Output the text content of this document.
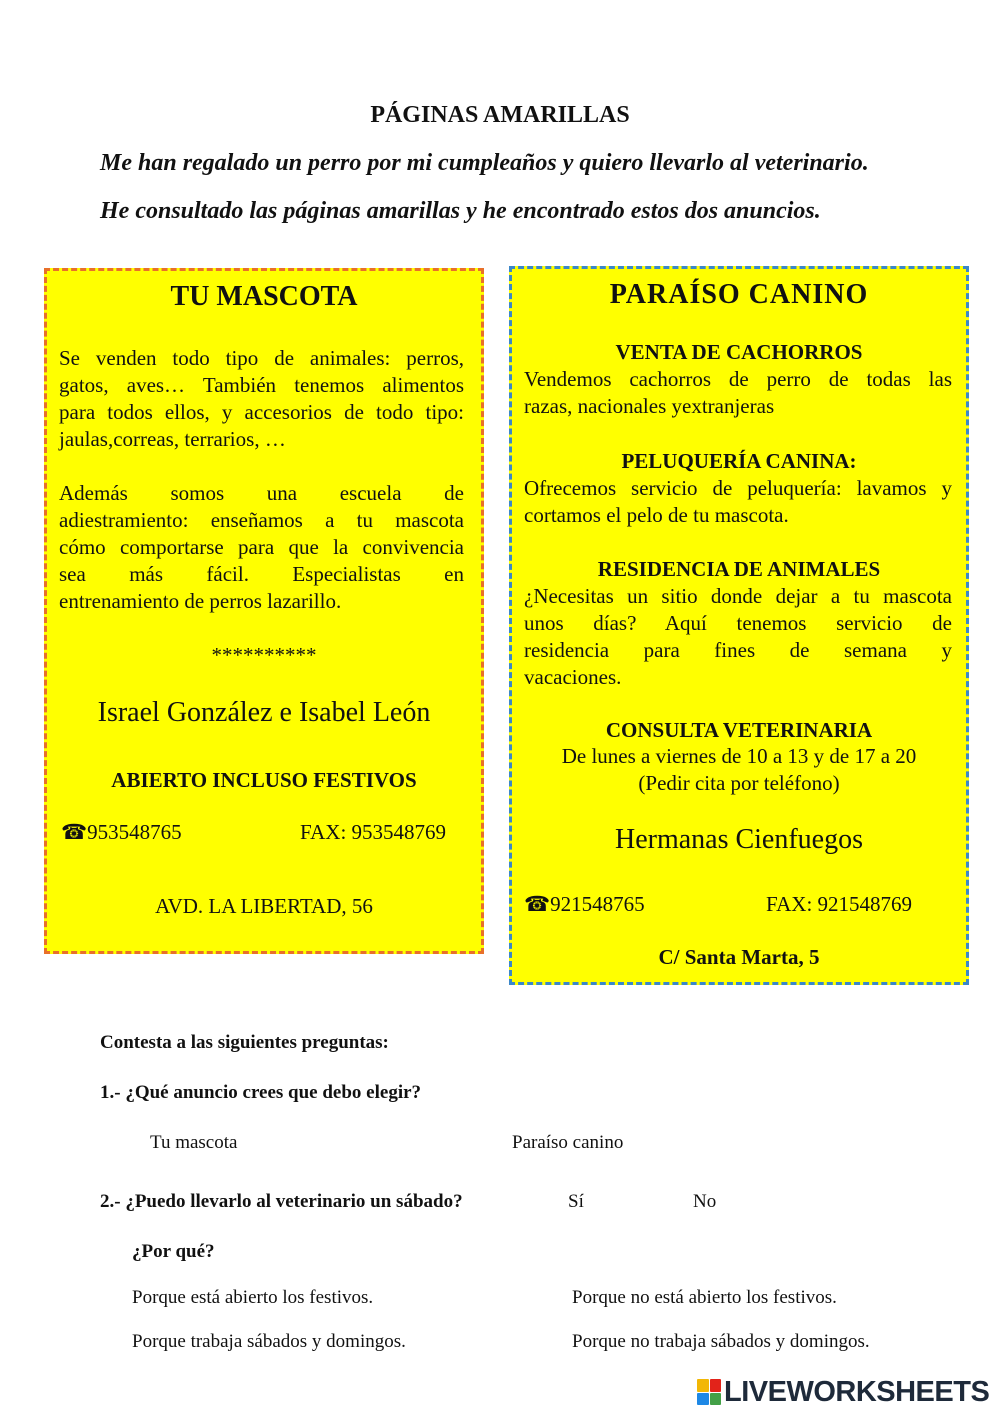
PÁGINAS AMARILLAS
Me han regalado un perro por mi cumpleaños y quiero llevarlo al veterinario.
He consultado las páginas amarillas y he encontrado estos dos anuncios.
TU MASCOTA
Se venden todo tipo de animales: perros,
gatos, aves… También tenemos alimentos
para todos ellos, y accesorios de todo tipo:
jaulas,correas, terrarios, …
Además somos una escuela de
adiestramiento: enseñamos a tu mascota
cómo comportarse para que la convivencia
sea más fácil. Especialistas en
entrenamiento de perros lazarillo.
**********
Israel González e Isabel León
ABIERTO INCLUSO FESTIVOS
☎953548765	FAX: 953548769
AVD. LA LIBERTAD, 56
PARAÍSO CANINO
VENTA DE CACHORROS
Vendemos cachorros de perro de todas las
razas, nacionales yextranjeras
PELUQUERÍA CANINA:
Ofrecemos servicio de peluquería: lavamos y
cortamos el pelo de tu mascota.
RESIDENCIA DE ANIMALES
¿Necesitas un sitio donde dejar a tu mascota
unos días? Aquí tenemos servicio de
residencia para fines de semana y
vacaciones.
CONSULTA VETERINARIA
De lunes a viernes de 10 a 13 y de 17 a 20
(Pedir cita por teléfono)
Hermanas Cienfuegos
☎921548765	FAX: 921548769
C/ Santa Marta, 5
Contesta a las siguientes preguntas:
1.- ¿Qué anuncio crees que debo elegir?
Tu mascota	Paraíso canino
2.- ¿Puedo llevarlo al veterinario un sábado?	Sí	No
¿Por qué?
Porque está abierto los festivos.	Porque no está abierto los festivos.
Porque trabaja sábados y domingos.	Porque no trabaja sábados y domingos.
LIVEWORKSHEETS
